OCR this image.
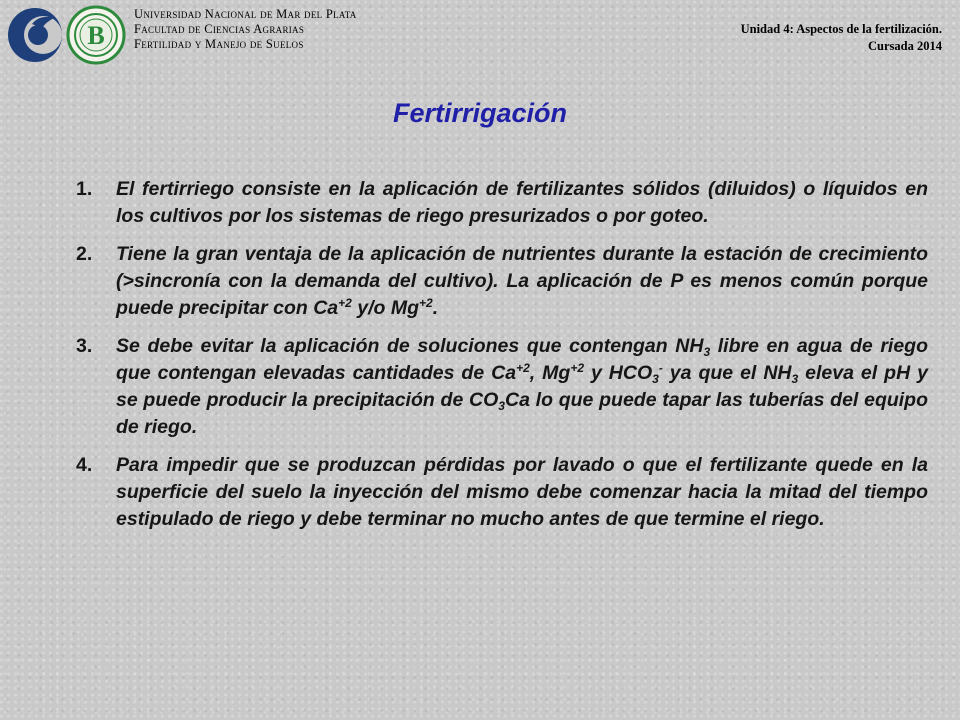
B
Universidad Nacional de Mar del Plata
Facultad de Ciencias Agrarias
Fertilidad y Manejo de Suelos
Unidad 4: Aspectos de la fertilización.
Cursada 2014
Fertirrigación
1. El fertirriego consiste en la aplicación de fertilizantes sólidos (diluidos) o líquidos en los cultivos por los sistemas de riego presurizados o por goteo.
2. Tiene la gran ventaja de la aplicación de nutrientes durante la estación de crecimiento (>sincronía con la demanda del cultivo). La aplicación de P es menos común porque puede precipitar con $Ca^{+2}$ y/o $Mg^{+2}$.
3. Se debe evitar la aplicación de soluciones que contengan $NH_3$ libre en agua de riego que contengan elevadas cantidades de $Ca^{+2}$, $Mg^{+2}$ y $HCO_3^-$ ya que el $NH_3$ eleva el pH y se puede producir la precipitación de $CO_3Ca$ lo que puede tapar las tuberías del equipo de riego.
4. Para impedir que se produzcan pérdidas por lavado o que el fertilizante quede en la superficie del suelo la inyección del mismo debe comenzar hacia la mitad del tiempo estipulado de riego y debe terminar no mucho antes de que termine el riego.
